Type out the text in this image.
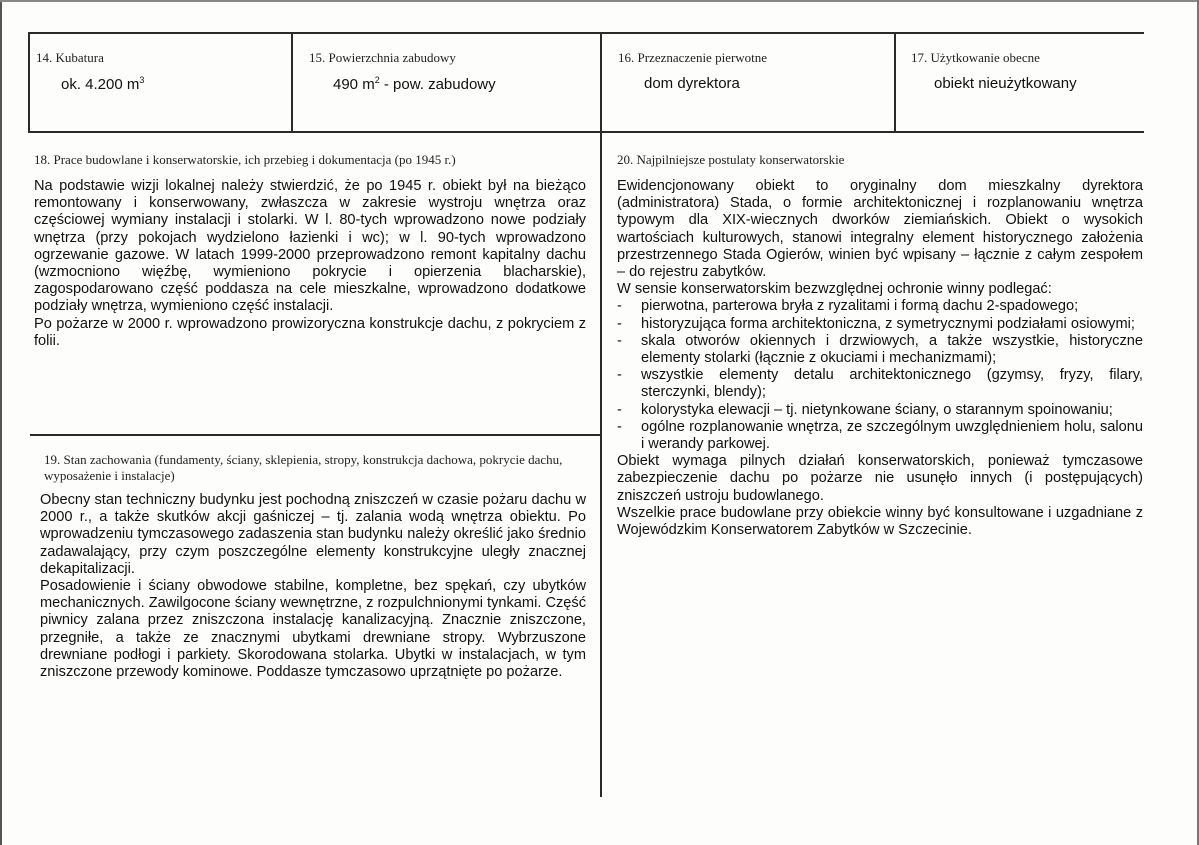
14. Kubatura
ok. 4.200 $m^3$
15. Powierzchnia zabudowy
490 $m^2$ - pow. zabudowy
16. Przeznaczenie pierwotne
dom dyrektora
17. Użytkowanie obecne
obiekt nieużytkowany
18. Prace budowlane i konserwatorskie, ich przebieg i dokumentacja (po 1945 r.)

Na podstawie wizji lokalnej należy stwierdzić, że po 1945 r. obiekt był na bieżąco remontowany i konserwowany, zwłaszcza w zakresie wystroju wnętrza oraz częściowej wymiany instalacji i stolarki. W l. 80-tych wprowadzono nowe podziały wnętrza (przy pokojach wydzielono łazienki i wc); w l. 90-tych wprowadzono ogrzewanie gazowe. W latach 1999-2000 przeprowadzono remont kapitalny dachu (wzmocniono więźbę, wymieniono pokrycie i opierzenia blacharskie), zagospodarowano część poddasza na cele mieszkalne, wprowadzono dodatkowe podziały wnętrza, wymieniono część instalacji.

Po pożarze w 2000 r. wprowadzono prowizoryczna konstrukcje dachu, z pokryciem z folii.

19. Stan zachowania (fundamenty, ściany, sklepienia, stropy, konstrukcja dachowa, pokrycie dachu, wyposażenie i instalacje)

Obecny stan techniczny budynku jest pochodną zniszczeń w czasie pożaru dachu w 2000 r., a także skutków akcji gaśniczej – tj. zalania wodą wnętrza obiektu. Po wprowadzeniu tymczasowego zadaszenia stan budynku należy określić jako średnio zadawalający, przy czym poszczególne elementy konstrukcyjne uległy znacznej dekapitalizacji.

Posadowienie i ściany obwodowe stabilne, kompletne, bez spękań, czy ubytków mechanicznych. Zawilgocone ściany wewnętrzne, z rozpulchnionymi tynkami. Część piwnicy zalana przez zniszczona instalację kanalizacyjną. Znacznie zniszczone, przegniłe, a także ze znacznymi ubytkami drewniane stropy. Wybrzuszone drewniane podłogi i parkiety. Skorodowana stolarka. Ubytki w instalacjach, w tym zniszczone przewody kominowe. Poddasze tymczasowo uprzątnięte po pożarze.

20. Najpilniejsze postulaty konserwatorskie

Ewidencjonowany obiekt to oryginalny dom mieszkalny dyrektora (administratora) Stada, o formie architektonicznej i rozplanowaniu wnętrza typowym dla XIX-wiecznych dworków ziemiańskich. Obiekt o wysokich wartościach kulturowych, stanowi integralny element historycznego założenia przestrzennego Stada Ogierów, winien być wpisany – łącznie z całym zespołem – do rejestru zabytków.

W sensie konserwatorskim bezwzględnej ochronie winny podlegać:

- pierwotna, parterowa bryła z ryzalitami i formą dachu 2-spadowego;
- historyzująca forma architektoniczna, z symetrycznymi podziałami osiowymi;
- skala otworów okiennych i drzwiowych, a także wszystkie, historyczne elementy stolarki (łącznie z okuciami i mechanizmami);
- wszystkie elementy detalu architektonicznego (gzymsy, fryzy, filary, sterczynki, blendy);
- kolorystyka elewacji – tj. nietynkowane ściany, o starannym spoinowaniu;
- ogólne rozplanowanie wnętrza, ze szczególnym uwzględnieniem holu, salonu i werandy parkowej.

Obiekt wymaga pilnych działań konserwatorskich, ponieważ tymczasowe zabezpieczenie dachu po pożarze nie usunęło innych (i postępujących) zniszczeń ustroju budowlanego.

Wszelkie prace budowlane przy obiekcie winny być konsultowane i uzgadniane z Wojewódzkim Konserwatorem Zabytków w Szczecinie.
